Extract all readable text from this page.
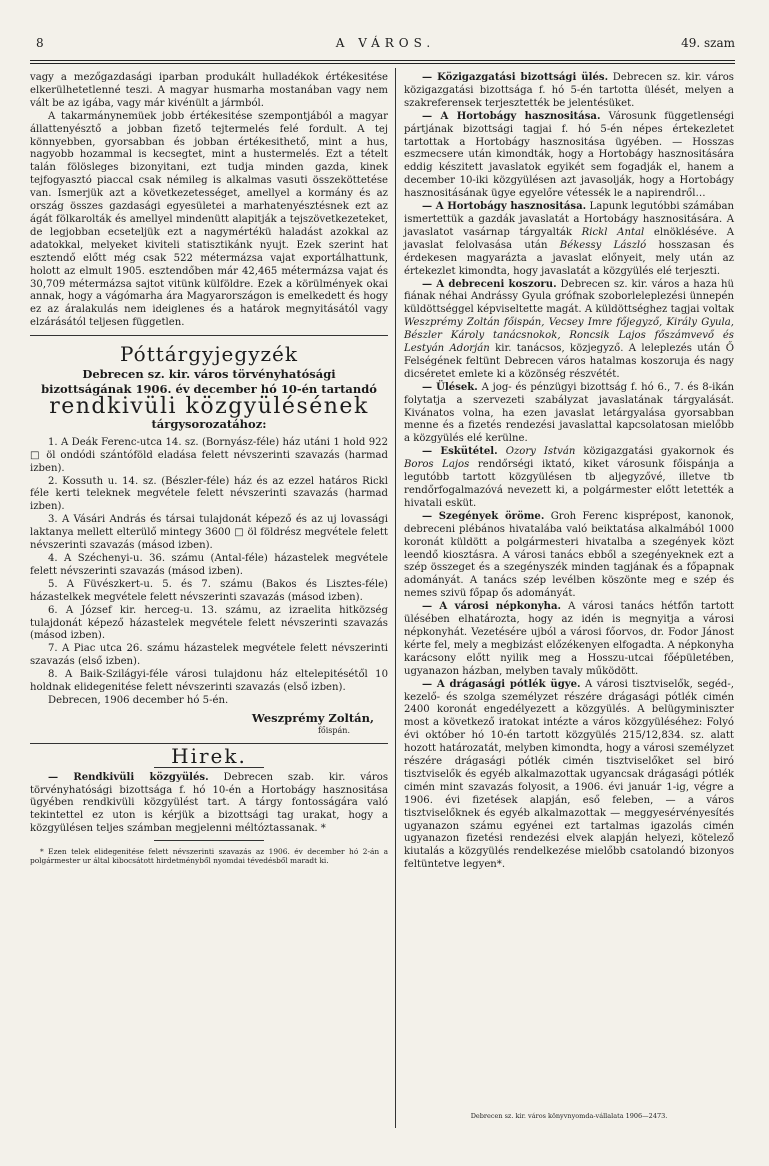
8	A VÁROS.	49. szam

vagy a mezőgazdasági iparban produkált hulladékok értékesitése elkerülhetetlenné teszi. A magyar husmarha mostanában vagy nem vált be az igába, vagy már kivénült a jármból.

A takarmánynemüek jobb értékesitése szempontjából a magyar állattenyésztő a jobban fizető tejtermelés felé fordult. A tej könnyebben, gyorsabban és jobban értékesithető, mint a hus, nagyobb hozammal is kecsegtet, mint a hustermelés. Ezt a tételt talán fölösleges bizonyitani, ezt tudja minden gazda, kinek tejfogyasztó piaccal csak némileg is alkalmas vasuti összeköttetése van. Ismerjük azt a következetességet, amellyel a kormány és az ország összes gazdasági egyesületei a marhatenyésztésnek ezt az ágát fölkarolták és amellyel mindenütt alapitják a tejszövetkezeteket, de legjobban ecseteljük ezt a nagymértékü haladást azokkal az adatokkal, melyeket kiviteli statisztikánk nyujt. Ezek szerint hat esztendő előtt még csak 522 métermázsa vajat exportálhattunk, holott az elmult 1905. esztendőben már 42,465 métermázsa vajat és 30,709 métermázsa sajtot vitünk külföldre. Ezek a körülmények okai annak, hogy a vágómarha ára Magyarországon is emelkedett és hogy ez az áralakulás nem ideiglenes és a határok megnyitásától vagy elzárásától teljesen független.

Póttárgyjegyzék
Debrecen sz. kir. város törvényhatósági bizottságának 1906. év december hó 10-én tartandó
rendkivüli közgyülésének
tárgysorozatához:

1. A Deák Ferenc-utca 14. sz. (Bornyász-féle) ház utáni 1 hold 922 □ öl ondódi szántóföld eladása felett névszerinti szavazás (harmad izben).

2. Kossuth u. 14. sz. (Bészler-féle) ház és az ezzel határos Rickl féle kerti teleknek megvétele felett névszerinti szavazás (harmad izben).

3. A Vásári András és társai tulajdonát képező és az uj lovassági laktanya mellett elterülő mintegy 3600 □ öl földrész megvétele felett névszerinti szavazás (másod izben).

4. A Széchenyi-u. 36. számu (Antal-féle) házastelek megvétele felett névszerinti szavazás (másod izben).

5. A Füvészkert-u. 5. és 7. számu (Bakos és Lisztes-féle) házastelkek megvétele felett névszerinti szavazás (másod izben).

6. A József kir. herceg-u. 13. számu, az izraelita hitközség tulajdonát képező házastelek megvétele felett névszerinti szavazás (másod izben).

7. A Piac utca 26. számu házastelek megvétele felett névszerinti szavazás (első izben).

8. A Baik-Szilágyi-féle városi tulajdonu ház eltelepitésétől 10 holdnak elidegenitése felett névszerinti szavazás (első izben).

Debrecen, 1906 december hó 5-én.

Weszprémy Zoltán,
főispán.
Hirek.

— Rendkivüli közgyülés. Debrecen szab. kir. város törvényhatósági bizottsága f. hó 10-én a Hortobágy hasznositása ügyében rendkivüli közgyülést tart. A tárgy fontosságára való tekintettel ez uton is kérjük a bizottsági tag urakat, hogy a közgyülésen teljes számban megjelenni méltóztassanak. *

* Ezen telek elidegenitése felett névszerinti szavazás az 1906. év december hó 2-án a polgármester ur által kibocsátott hirdetményből nyomdai tévedésből maradt ki.

— Közigazgatási bizottsági ülés. Debrecen sz. kir. város közigazgatási bizottsága f. hó 5-én tartotta ülését, melyen a szakreferensek terjesztették be jelentésüket.

— A Hortobágy hasznositása. Városunk függetlenségi pártjának bizottsági tagjai f. hó 5-én népes értekezletet tartottak a Hortobágy hasznositása ügyében. — Hosszas eszmecsere után kimondták, hogy a Hortobágy hasznositására eddig készitett javaslatok egyikét sem fogadják el, hanem a december 10-iki közgyülésen azt javasolják, hogy a Hortobágy hasznositásának ügye egyelőre vétessék le a napirendről…

— A Hortobágy hasznositása. Lapunk legutóbbi számában ismertettük a gazdák javaslatát a Hortobágy hasznositására. A javaslatot vasárnap tárgyalták Rickl Antal elnökléséve. A javaslat felolvasása után Békessy László hosszasan és érdekesen magyarázta a javaslat előnyeit, mely után az értekezlet kimondta, hogy javaslatát a közgyülés elé terjeszti.

— A debreceni koszoru. Debrecen sz. kir. város a haza hü fiának néhai Andrássy Gyula grófnak szoborleleplezési ünnepén küldöttséggel képviseltette magát. A küldöttséghez tagjai voltak Weszprémy Zoltán főispán, Vecsey Imre főjegyző, Király Gyula, Bészler Károly tanácsnokok, Roncsik Lajos főszámvevő és Lestyán Adorján kir. tanácsos, közjegyző. A leleplezés után Ő Felségének feltünt Debrecen város hatalmas koszoruja és nagy dicséretet emlete ki a közönség részvétét.

— Ülések. A jog- és pénzügyi bizottság f. hó 6., 7. és 8-ikán folytatja a szervezeti szabályzat javaslatának tárgyalását. Kivánatos volna, ha ezen javaslat letárgyalása gyorsabban menne és a fizetés rendezési javaslattal kapcsolatosan mielőbb a közgyülés elé kerülne.

— Eskütétel. Ozory István közigazgatási gyakornok és Boros Lajos rendőrségi iktató, kiket városunk főispánja a legutóbb tartott közgyülésen tb aljegyzővé, illetve tb rendőrfogalmazóvá nevezett ki, a polgármester előtt letették a hivatali esküt.

— Szegények öröme. Groh Ferenc kisprépost, kanonok, debreceni plébános hivatalába való beiktatása alkalmából 1000 koronát küldött a polgármesteri hivatalba a szegények közt leendő kiosztásra. A városi tanács ebből a szegényeknek ezt a szép összeget és a szegényszék minden tagjának és a főpapnak adományát. A tanács szép levélben köszönte meg e szép és nemes szivü főpap ős adományát.

— A városi népkonyha. A városi tanács hétfőn tartott ülésében elhatározta, hogy az idén is megnyitja a városi népkonyhát. Vezetésére ujból a városi főorvos, dr. Fodor Jánost kérte fel, mely a megbizást előzékenyen elfogadta. A népkonyha karácsony előtt nyilik meg a Hosszu-utcai főépületében, ugyanazon házban, melyben tavaly működött.

— A drágasági pótlék ügye. A városi tisztviselők, segéd-, kezelő- és szolga személyzet részére drágasági pótlék cimén 2400 koronát engedélyezett a közgyülés. A belügyminiszter most a következő iratokat intézte a város közgyüléséhez: Folyó évi október hó 10-én tartott közgyülés 215/12,834. sz. alatt hozott határozatát, melyben kimondta, hogy a városi személyzet részére drágasági pótlék cimén tisztviselőket sel biró tisztviselők és egyéb alkalmazottak ugyancsak drágasági pótlék cimén mint szavazás folyosit, a 1906. évi január 1-ig, végre a 1906. évi fizetések alapján, eső feleben, — a város tisztviselőknek és egyéb alkalmazottak — meggyesérvényesítés ugyanazon számu egyénei ezt tartalmas igazolás cimén ugyanazon fizetési rendezési elvek alapján helyezi, kötelező kiutalás a közgyülés rendelkezése mielőbb csatolandó bizonyos feltüntetve legyen*.

Debrecen sz. kir. város könyvnyomda-vállalata 1906—2473.
